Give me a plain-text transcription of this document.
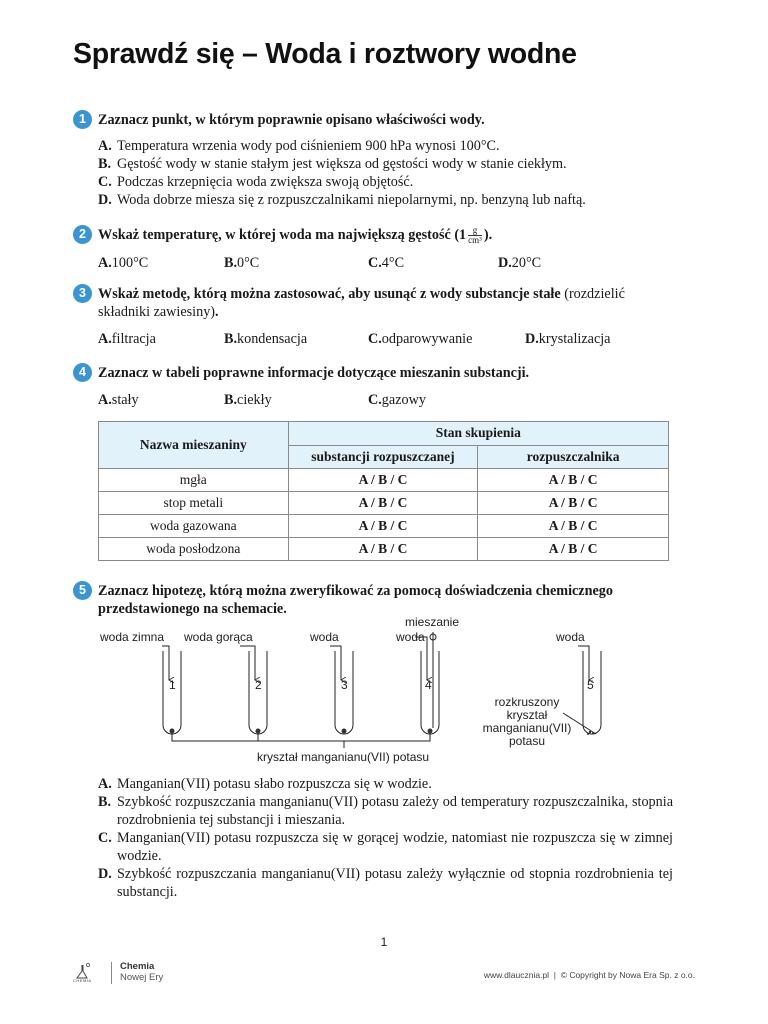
Sprawdź się – Woda i roztwory wodne
1 Zaznacz punkt, w którym poprawnie opisano właściwości wody.
A. Temperatura wrzenia wody pod ciśnieniem 900 hPa wynosi 100°C.
B. Gęstość wody w stanie stałym jest większa od gęstości wody w stanie ciekłym.
C. Podczas krzepnięcia woda zwiększa swoją objętość.
D. Woda dobrze miesza się z rozpuszczalnikami niepolarnymi, np. benzyną lub naftą.
2 Wskaż temperaturę, w której woda ma największą gęstość ($1 \frac{g}{\text{cm³}}$ ).
A. 100°C	B. 0°C	C. 4°C	D. 20°C
3 Wskaż metodę, którą można zastosować, aby usunąć z wody substancje stałe (rozdzielić składniki zawiesiny).
A. filtracja	B. kondensacja	C. odparowywanie	D. krystalizacja
4 Zaznacz w tabeli poprawne informacje dotyczące mieszanin substancji.
A. stały	B. ciekły	C. gazowy
Nazwa mieszaniny	Stan skupienia	
	substancji rozpuszczanej	rozpuszczalnika
mgła	A / B / C	A / B / C
stop metali	A / B / C	A / B / C
woda gazowana	A / B / C	A / B / C
woda posłodzona	A / B / C	A / B / C
5 Zaznacz hipotezę, którą można zweryfikować za pomocą doświadczenia chemicznego przedstawionego na schemacie.
woda zimna woda gorąca	woda
mieszanie
woda	woda
1	2	3	4	5
kryształ manganianu(VII) potasu
rozkruszony
kryształ
manganianu(VII)
potasu
A. Manganian(VII) potasu słabo rozpuszcza się w wodzie.
B. Szybkość rozpuszczania manganianu(VII) potasu zależy od temperatury rozpuszczalnika, stopnia rozdrobnienia tej substancji i mieszania.
C. Manganian(VII) potasu rozpuszcza się w gorącej wodzie, natomiast nie rozpuszcza się w zimnej wodzie.
D. Szybkość rozpuszczania manganianu(VII) potasu zależy wyłącznie od stopnia rozdrobnienia tej substancji.
1
CHEMIA
Chemia
Nowej Ery	www.dlaucznia.pl  |  © Copyright by Nowa Era Sp. z o.o.
